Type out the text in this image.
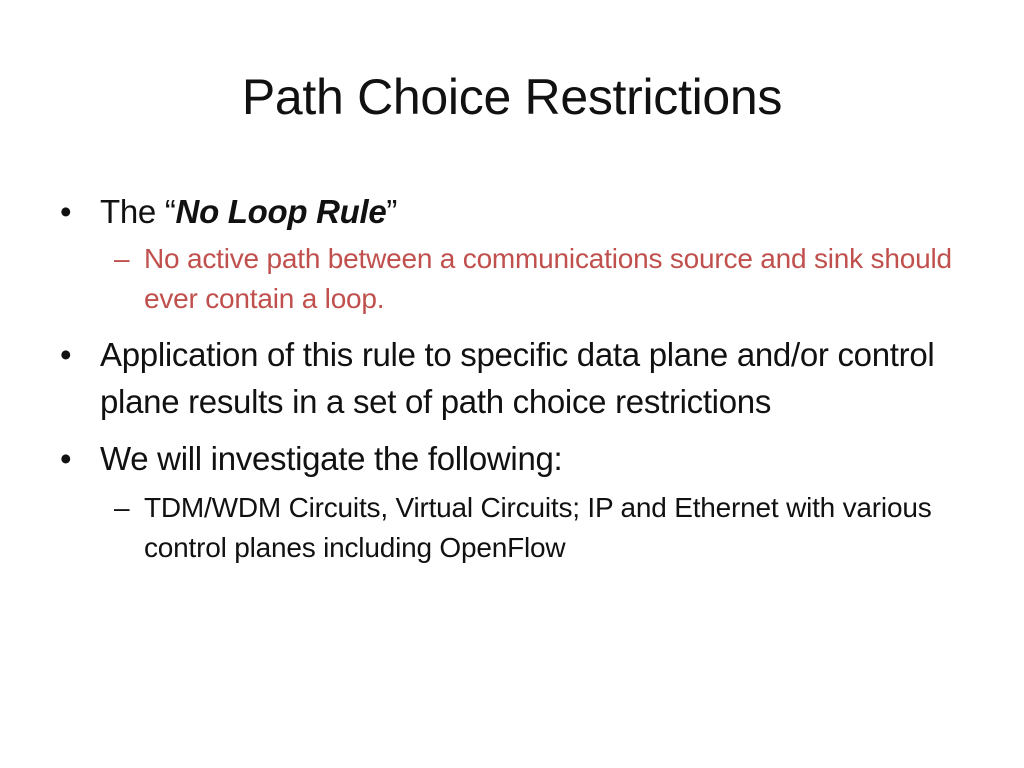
Path Choice Restrictions
• The “No Loop Rule”
– No active path between a communications source and sink should ever contain a loop.
• Application of this rule to specific data plane and/or control plane results in a set of path choice restrictions
• We will investigate the following:
– TDM/WDM Circuits, Virtual Circuits; IP and Ethernet with various control planes including OpenFlow
